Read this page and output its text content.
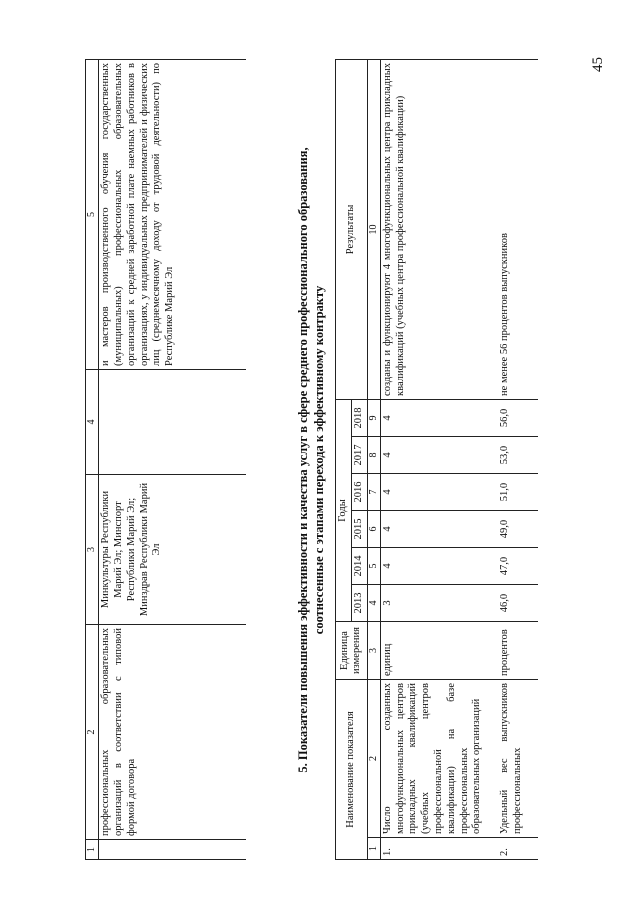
45
1	2	3	4	5
	профессиональных образовательных организаций в соответствии с типовой формой договора	Минкультуры Республики Марий Эл; Минспорт Республики Марий Эл; Минздрав Республики Марий Эл		и мастеров производственного обучения государственных (муниципальных) профессиональных образовательных организаций к средней заработной плате наемных работников в организациях, у индивидуальных предпринимателей и физических лиц (среднемесячному доходу от трудовой деятельности) по Республике Марий Эл	5. Показатели повышения эффективности и качества услуг в сфере среднего профессионального образования, соотнесенные с этапами перехода к эффективному контракту
Наименование показателя		Единица измерения	Годы						Результаты
			2013	2014	2015	2016	2017	2018	
1	2	3	4	5	6	7	8	9	10
1.	Число созданных многофункциональных центров прикладных квалификаций (учебных центров профессиональной квалификации) на базе профессиональных образовательных организаций	единиц	3	4	4	4	4	4	созданы и функционируют 4 многофункциональных центра прикладных квалификаций (учебных центра профессиональной квалификации)
2.	Удельный вес выпускников профессиональных	процентов	46,0	47,0	49,0	51,0	53,0	56,0	не менее 56 процентов выпускников
